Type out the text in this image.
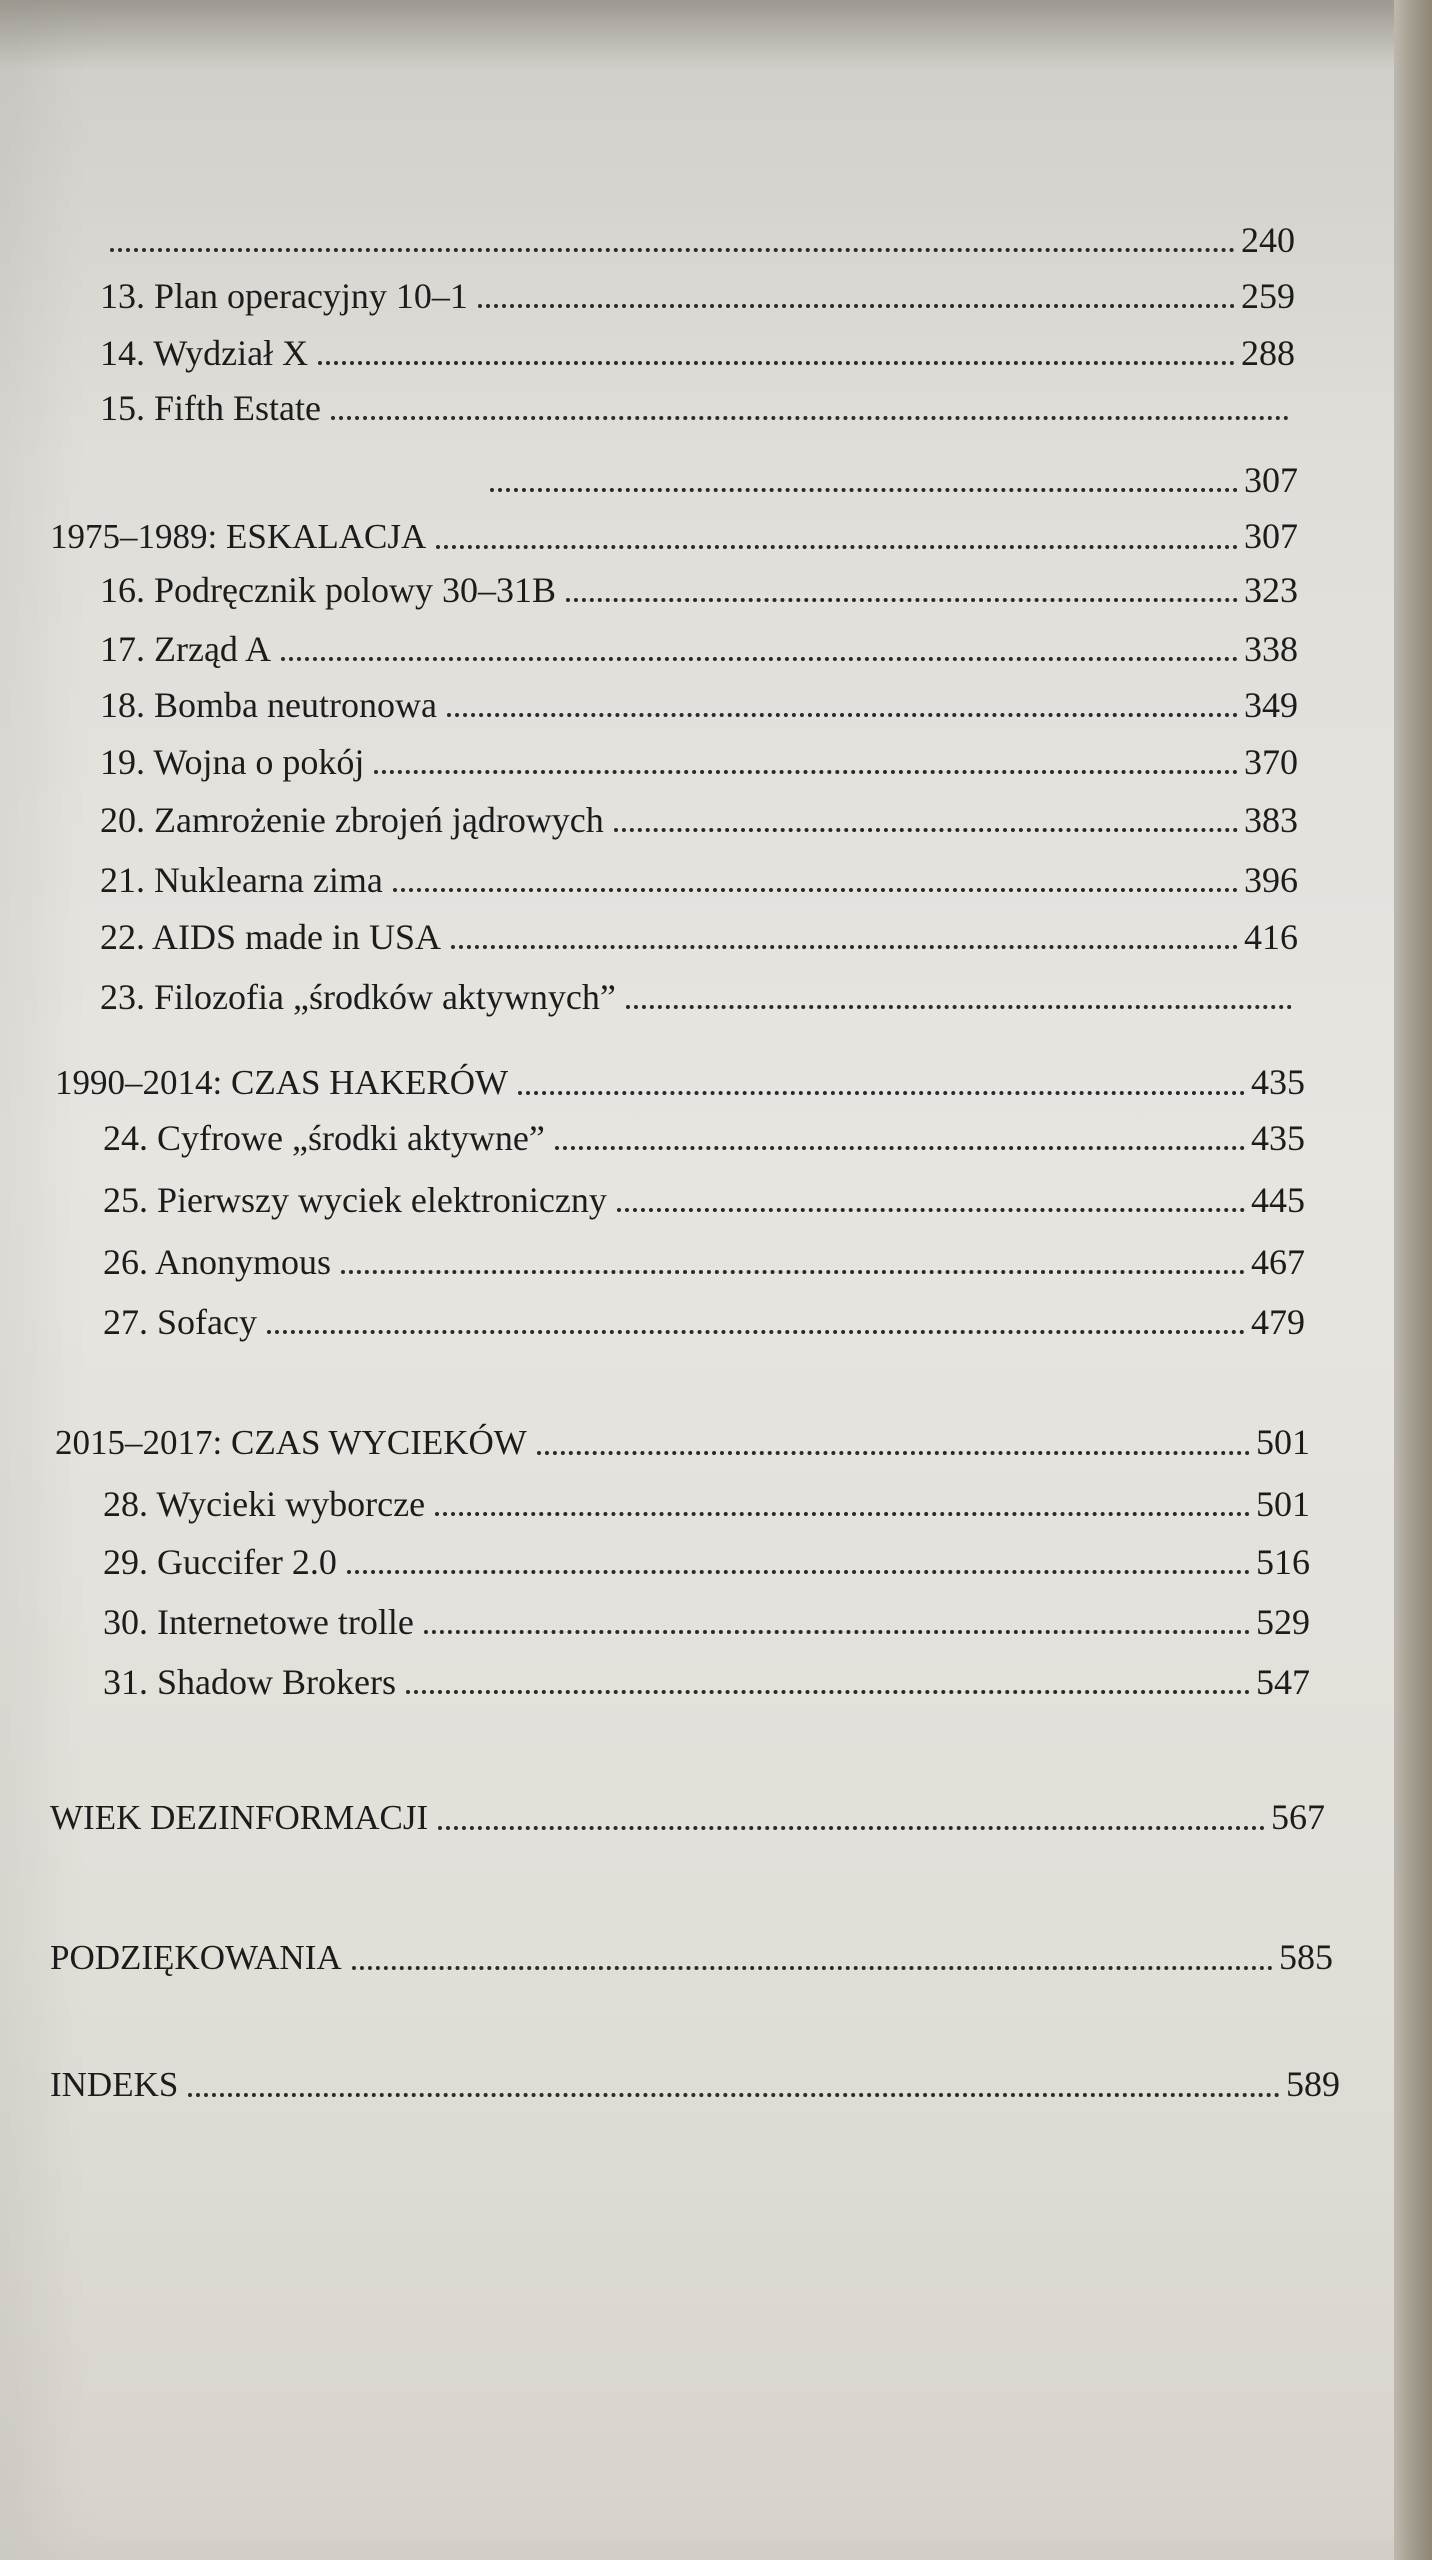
240
13. Plan operacyjny 10–1	259
14. Wydział X	288
15. Fifth Estate
307
1975–1989: ESKALACJA	307
16. Podręcznik polowy 30–31B	323
17. Zrząd A	338
18. Bomba neutronowa	349
19. Wojna o pokój	370
20. Zamrożenie zbrojeń jądrowych	383
21. Nuklearna zima	396
22. AIDS made in USA	416
23. Filozofia „środków aktywnych”
1990–2014: CZAS HAKERÓW	435
24. Cyfrowe „środki aktywne”	435
25. Pierwszy wyciek elektroniczny	445
26. Anonymous	467
27. Sofacy	479
2015–2017: CZAS WYCIEKÓW	501
28. Wycieki wyborcze	501
29. Guccifer 2.0	516
30. Internetowe trolle	529
31. Shadow Brokers	547
WIEK DEZINFORMACJI	567
PODZIĘKOWANIA	585
INDEKS	589
